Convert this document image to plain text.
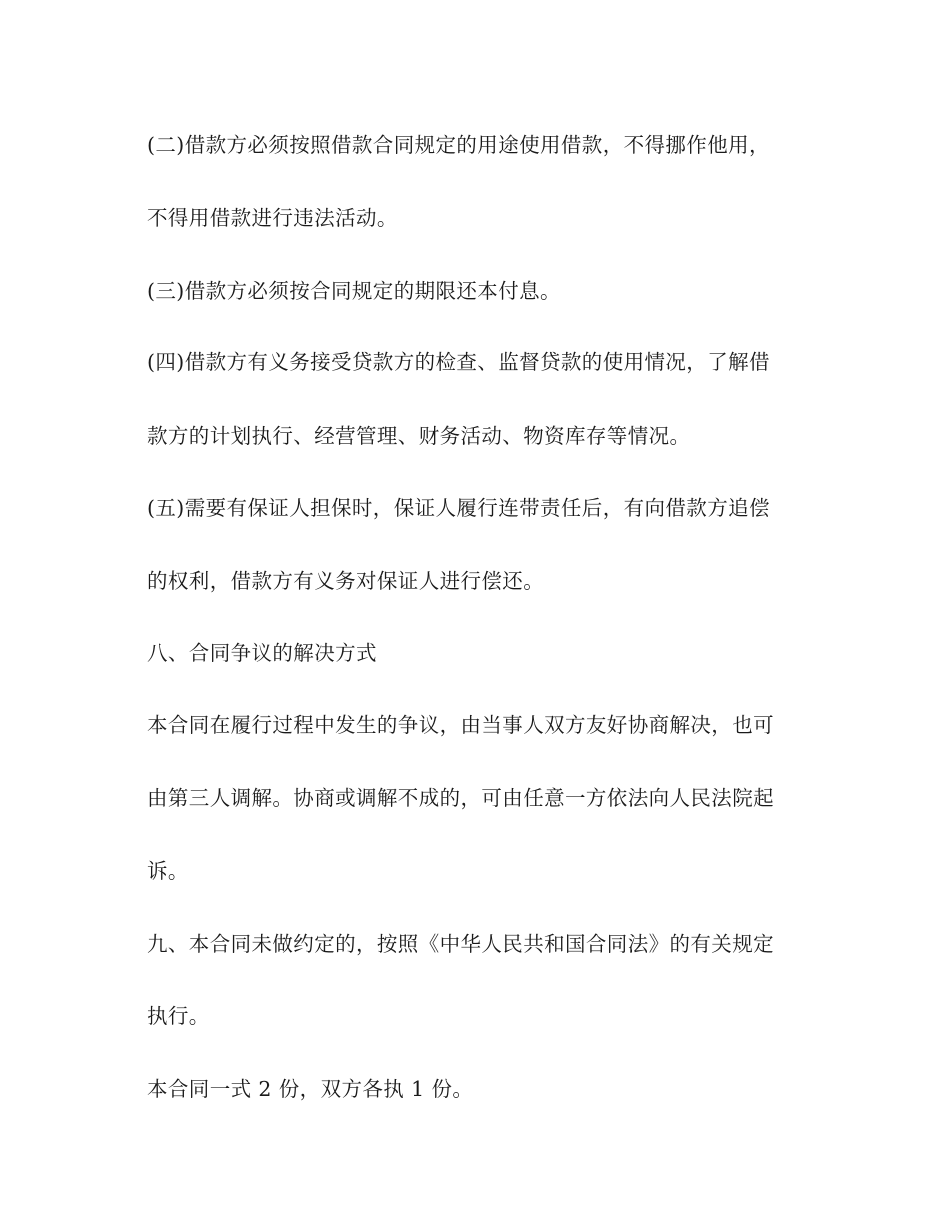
(二)借款方必须按照借款合同规定的用途使用借款，不得挪作他用，

不得用借款进行违法活动。

(三)借款方必须按合同规定的期限还本付息。

(四)借款方有义务接受贷款方的检查、监督贷款的使用情况，了解借

款方的计划执行、经营管理、财务活动、物资库存等情况。

(五)需要有保证人担保时，保证人履行连带责任后，有向借款方追偿

的权利，借款方有义务对保证人进行偿还。

八、合同争议的解决方式

本合同在履行过程中发生的争议，由当事人双方友好协商解决，也可

由第三人调解。协商或调解不成的，可由任意一方依法向人民法院起

诉。

九、本合同未做约定的，按照《中华人民共和国合同法》的有关规定

执行。

本合同一式 2 份，双方各执 1 份。
